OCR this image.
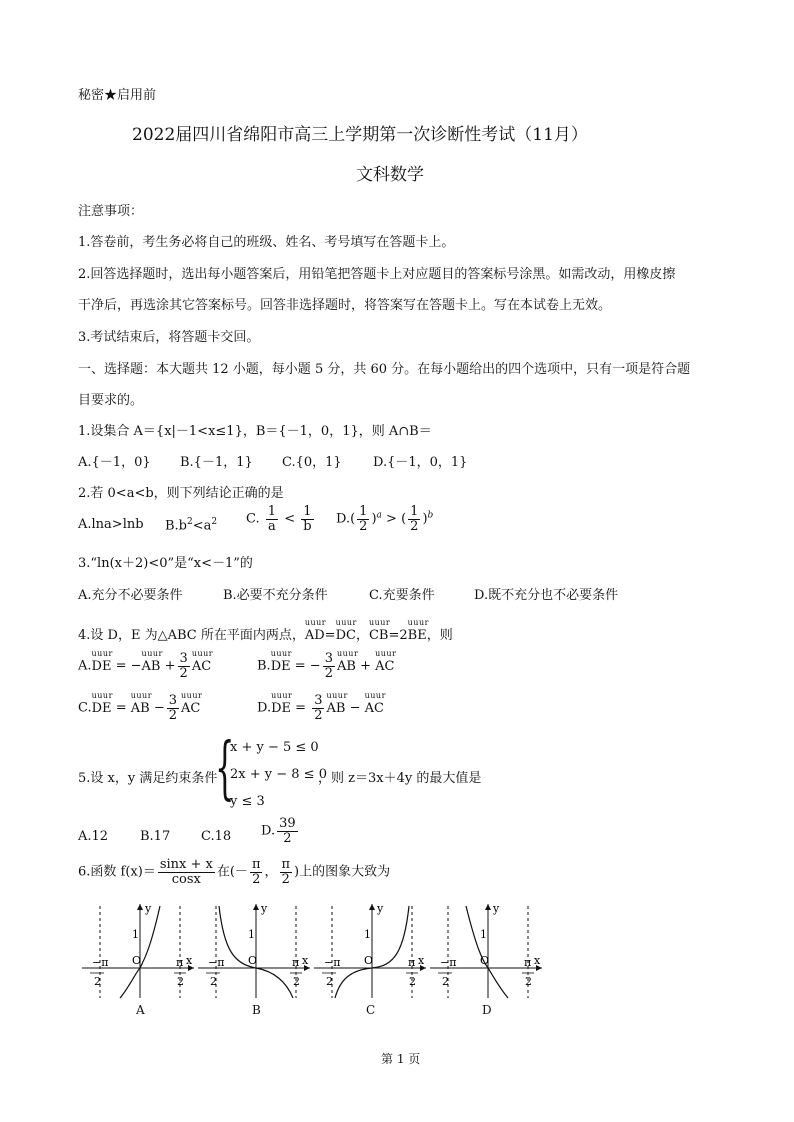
秘密★启用前
2022届四川省绵阳市高三上学期第一次诊断性考试（11月）
文科数学
注意事项：
1.答卷前，考生务必将自己的班级、姓名、考号填写在答题卡上。
2.回答选择题时，选出每小题答案后，用铅笔把答题卡上对应题目的答案标号涂黑。如需改动，用橡皮擦
干净后，再选涂其它答案标号。回答非选择题时，将答案写在答题卡上。写在本试卷上无效。
3.考试结束后，将答题卡交回。
一、选择题：本大题共 12 小题，每小题 5 分，共 60 分。在每小题给出的四个选项中，只有一项是符合题
目要求的。
1.设集合 A＝{x|－1<x≤1}，B＝{－1，0，1}，则 A∩B＝
A.{－1，0} B.{－1，1} C.{0，1} D.{－1，0，1}
2.若 0<a<b，则下列结论正确的是
A.lna>lnb $B.b^2<a^2$ C. $\frac{1}{a} < \frac{1}{b} D.( \frac{1}{2} )^a$ > ( $\frac{1}{2} )^b$
3.“ln(x＋2)<0”是“x<－1”的
A.充分不必要条件	B.必要不充分条件	C.充要条件	D.既不充分也不必要条件
4.设 D，E 为△ABC 所在平面内两点，uuur AD=uuur DC，uuur CB=2uuur BE，则
A.uuur DE = −uuur AB + $\frac{3}{2}$ uuur AC	B.uuur DE = − $\frac{3}{2}$ uuur AB + uuur AC
C.uuur DE = uuur AB − $\frac{3}{2}$ uuur AC	D.uuur DE = $\frac{3}{2}$ uuur AB − uuur AC
5.设 x，y 满足约束条件
{
x + y − 5 ≤ 0
2x + y − 8 ≤ 0
y ≤ 3
，则 z＝3x＋4y 的最大值是
A.12 B.17 C.18 D. $\frac{39}{2}$
6.函数 $f(x)= \frac{\sin x + x}{\cos x}$ 在(－ $\frac{\pi}{2}$ ， $\frac{\pi}{2}$ )上的图象大致为
y
x
1
O
−π
2
π
2
A
y
x
1
O
−π
2
π
2
B
y
x
1
O
−π
2
π
2
C
y
x
1
O
−π
2
π
2
D
第 1 页
